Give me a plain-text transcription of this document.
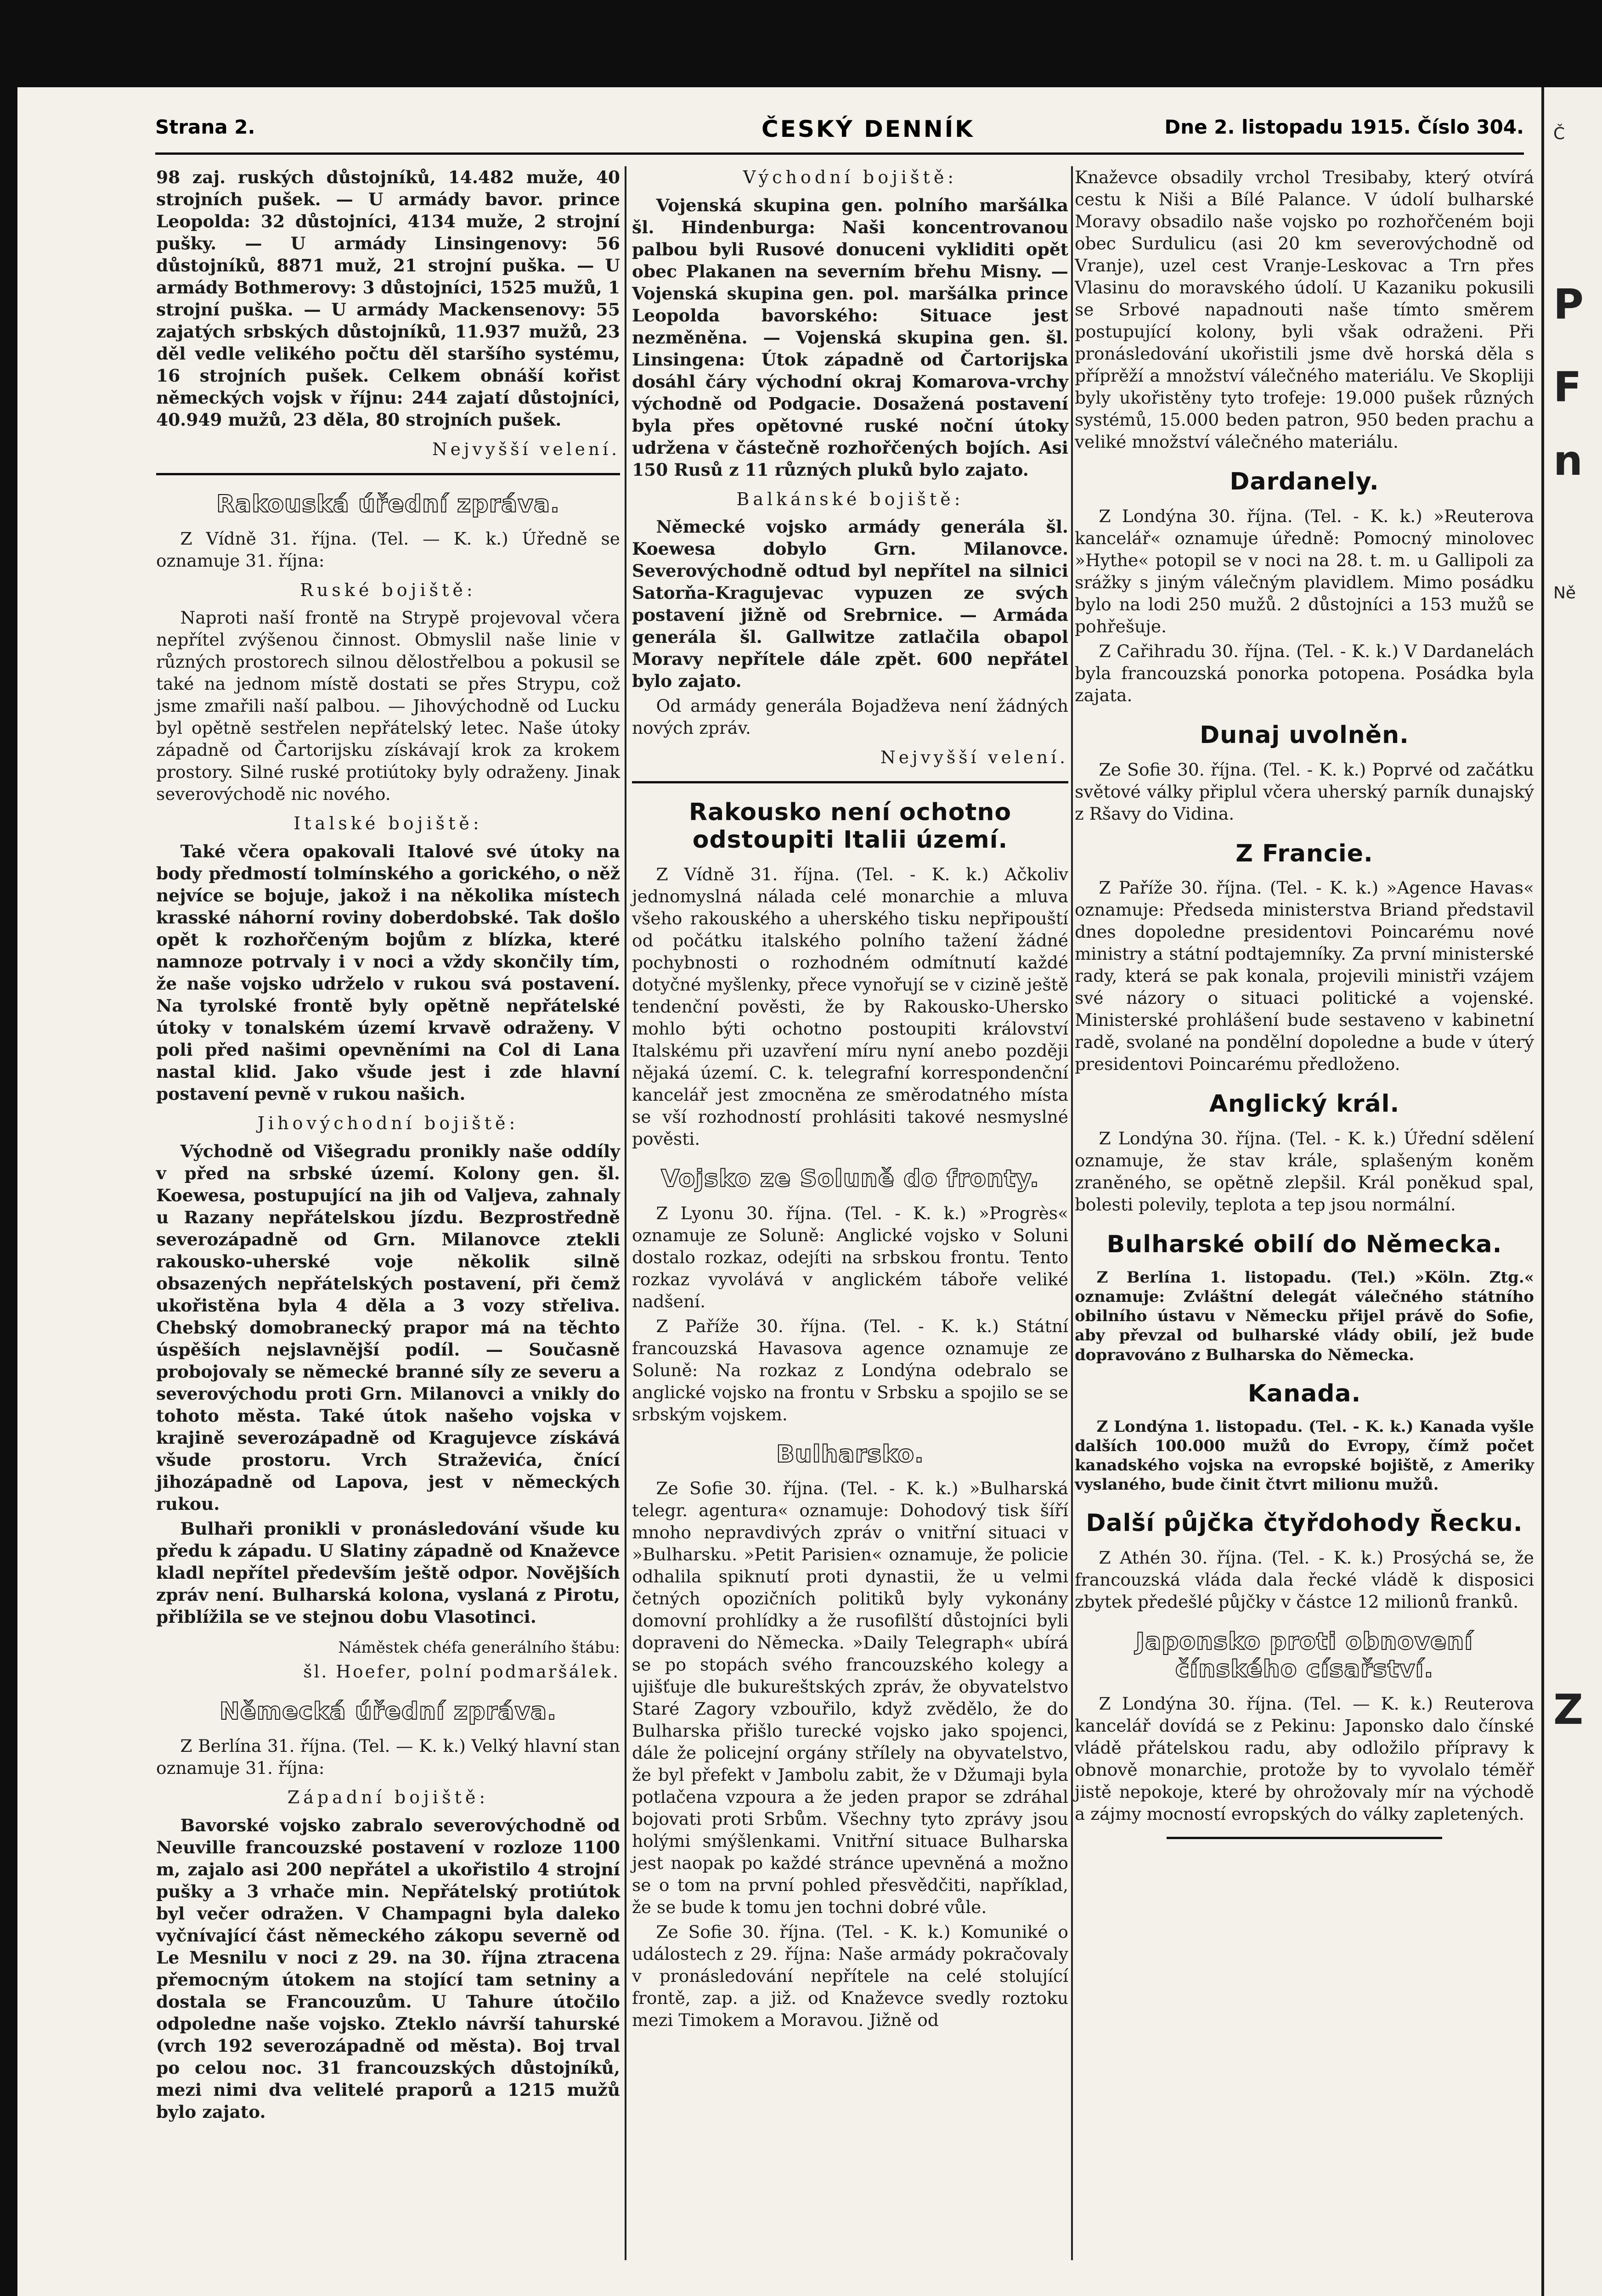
Strana 2.	ČESKÝ DENNÍK	Dne 2. listopadu 1915. Číslo 304.

98 zaj. ruských důstojníků, 14.482 muže, 40 strojních pušek. — U armády bavor. prince Leopolda: 32 důstojníci, 4134 muže, 2 strojní pušky. — U armády Linsingenovy: 56 důstojníků, 8871 muž, 21 strojní puška. — U armády Bothmerovy: 3 důstojníci, 1525 mužů, 1 strojní puška. — U armády Mackensenovy: 55 zajatých srbských důstojníků, 11.937 mužů, 23 děl vedle velikého počtu děl staršího systému, 16 strojních pušek. Celkem obnáší kořist německých vojsk v říjnu: 244 zajatí důstojníci, 40.949 mužů, 23 děla, 80 strojních pušek.

Nejvyšší velení.
Rakouská úřední zpráva.

Z Vídně 31. října. (Tel. — K. k.) Úředně se oznamuje 31. října:

Ruské bojiště:

Naproti naší frontě na Strypě projevoval včera nepřítel zvýšenou činnost. Obmyslil naše linie v různých prostorech silnou dělostřelbou a pokusil se také na jednom místě dostati se přes Strypu, což jsme zmařili naší palbou. — Jihovýchodně od Lucku byl opětně sestřelen nepřátelský letec. Naše útoky západně od Čartorijsku získávají krok za krokem prostory. Silné ruské protiútoky byly odraženy. Jinak severovýchodě nic nového.

Italské bojiště:

Také včera opakovali Italové své útoky na body předmostí tolmínského a gorického, o něž nejvíce se bojuje, jakož i na několika místech krasské náhorní roviny doberdobské. Tak došlo opět k rozhořčeným bojům z blízka, které namnoze potrvaly i v noci a vždy skončily tím, že naše vojsko udrželo v rukou svá postavení. Na tyrolské frontě byly opětně nepřátelské útoky v tonalském území krvavě odraženy. V poli před našimi opevněními na Col di Lana nastal klid. Jako všude jest i zde hlavní postavení pevně v rukou našich.

Jihovýchodní bojiště:

Východně od Višegradu pronikly naše oddíly v před na srbské území. Kolony gen. šl. Koewesa, postupující na jih od Valjeva, zahnaly u Razany nepřátelskou jízdu. Bezprostředně severozápadně od Grn. Milanovce ztekli rakousko-uherské voje několik silně obsazených nepřátelských postavení, při čemž ukořistěna byla 4 děla a 3 vozy střeliva. Chebský domobranecký prapor má na těchto úspěších nejslavnější podíl. — Současně probojovaly se německé branné síly ze severu a severovýchodu proti Grn. Milanovci a vnikly do tohoto města. Také útok našeho vojska v krajině severozápadně od Kragujevce získává všude prostoru. Vrch Straževića, čnící jihozápadně od Lapova, jest v německých rukou.

Bulhaři pronikli v pronásledování všude ku předu k západu. U Slatiny západně od Knaževce kladl nepřítel především ještě odpor. Novějších zpráv není. Bulharská kolona, vyslaná z Pirotu, přiblížila se ve stejnou dobu Vlasotinci.

Náměstek chéfa generálního štábu:
šl. Hoefer, polní podmaršálek.
Německá úřední zpráva.

Z Berlína 31. října. (Tel. — K. k.) Velký hlavní stan oznamuje 31. října:

Západní bojiště:

Bavorské vojsko zabralo severovýchodně od Neuville francouzské postavení v rozloze 1100 m, zajalo asi 200 nepřátel a ukořistilo 4 strojní pušky a 3 vrhače min. Nepřátelský protiútok byl večer odražen. V Champagni byla daleko vyčnívající část německého zákopu severně od Le Mesnilu v noci z 29. na 30. října ztracena přemocným útokem na stojící tam setniny a dostala se Francouzům. U Tahure útočilo odpoledne naše vojsko. Zteklo návrší tahurské (vrch 192 severozápadně od města). Boj trval po celou noc. 31 francouzských důstojníků, mezi nimi dva velitelé praporů a 1215 mužů bylo zajato.

Východní bojiště:

Vojenská skupina gen. polního maršálka šl. Hindenburga: Naši koncentrovanou palbou byli Rusové donuceni vykliditi opět obec Plakanen na severním břehu Misny. — Vojenská skupina gen. pol. maršálka prince Leopolda bavorského: Situace jest nezměněna. — Vojenská skupina gen. šl. Linsingena: Útok západně od Čartorijska dosáhl čáry východní okraj Komarova-vrchy východně od Podgacie. Dosažená postavení byla přes opětovné ruské noční útoky udržena v částečně rozhořčených bojích. Asi 150 Rusů z 11 různých pluků bylo zajato.

Balkánské bojiště:

Německé vojsko armády generála šl. Koewesa dobylo Grn. Milanovce. Severovýchodně odtud byl nepřítel na silnici Satorňa-Kragujevac vypuzen ze svých postavení jižně od Srebrnice. — Armáda generála šl. Gallwitze zatlačila obapol Moravy nepřítele dále zpět. 600 nepřátel bylo zajato.

Od armády generála Bojadževa není žádných nových zpráv.

Nejvyšší velení.
Rakousko není ochotno odstoupiti Italii území.

Z Vídně 31. října. (Tel. - K. k.) Ačkoliv jednomyslná nálada celé monarchie a mluva všeho rakouského a uherského tisku nepřipouští od počátku italského polního tažení žádné pochybnosti o rozhodném odmítnutí každé dotyčné myšlenky, přece vynořují se v cizině ještě tendenční pověsti, že by Rakousko-Uhersko mohlo býti ochotno postoupiti království Italskému při uzavření míru nyní anebo později nějaká území. C. k. telegrafní korrespondenční kancelář jest zmocněna ze směrodatného místa se vší rozhodností prohlásiti takové nesmyslné pověsti.

Vojsko ze Soluně do fronty.

Z Lyonu 30. října. (Tel. - K. k.) »Progrès« oznamuje ze Soluně: Anglické vojsko v Soluni dostalo rozkaz, odejíti na srbskou frontu. Tento rozkaz vyvolává v anglickém táboře veliké nadšení.

Z Paříže 30. října. (Tel. - K. k.) Státní francouzská Havasova agence oznamuje ze Soluně: Na rozkaz z Londýna odebralo se anglické vojsko na frontu v Srbsku a spojilo se se srbským vojskem.

Bulharsko.

Ze Sofie 30. října. (Tel. - K. k.) »Bulharská telegr. agentura« oznamuje: Dohodový tisk šíří mnoho nepravdivých zpráv o vnitřní situaci v »Bulharsku. »Petit Parisien« oznamuje, že policie odhalila spiknutí proti dynastii, že u velmi četných opozičních politiků byly vykonány domovní prohlídky a že rusofilští důstojníci byli dopraveni do Německa. »Daily Telegraph« ubírá se po stopách svého francouzského kolegy a ujišťuje dle bukureštských zpráv, že obyvatelstvo Staré Zagory vzbouřilo, když zvědělo, že do Bulharska přišlo turecké vojsko jako spojenci, dále že policejní orgány střílely na obyvatelstvo, že byl přefekt v Jambolu zabit, že v Džumaji byla potlačena vzpoura a že jeden prapor se zdráhal bojovati proti Srbům. Všechny tyto zprávy jsou holými smýšlenkami. Vnitřní situace Bulharska jest naopak po každé stránce upevněná a možno se o tom na první pohled přesvědčiti, například, že se bude k tomu jen tochni dobré vůle.

Ze Sofie 30. října. (Tel. - K. k.) Komuniké o událostech z 29. října: Naše armády pokračovaly v pronásledování nepřítele na celé stolující frontě, zap. a již. od Knaževce svedly roztoku mezi Timokem a Moravou. Jižně od

Knaževce obsadily vrchol Tresibaby, který otvírá cestu k Niši a Bílé Palance. V údolí bulharské Moravy obsadilo naše vojsko po rozhořčeném boji obec Surdulicu (asi 20 km severovýchodně od Vranje), uzel cest Vranje-Leskovac a Trn přes Vlasinu do moravského údolí. U Kazaniku pokusili se Srbové napadnouti naše tímto směrem postupující kolony, byli však odraženi. Při pronásledování ukořistili jsme dvě horská děla s příprěží a množství válečného materiálu. Ve Skopliji byly ukořistěny tyto trofeje: 19.000 pušek různých systémů, 15.000 beden patron, 950 beden prachu a veliké množství válečného materiálu.

Dardanely.

Z Londýna 30. října. (Tel. - K. k.) »Reuterova kancelář« oznamuje úředně: Pomocný minolovec »Hythe« potopil se v noci na 28. t. m. u Gallipoli za srážky s jiným válečným plavidlem. Mimo posádku bylo na lodi 250 mužů. 2 důstojníci a 153 mužů se pohřešuje.

Z Cařihradu 30. října. (Tel. - K. k.) V Dardanelách byla francouzská ponorka potopena. Posádka byla zajata.

Dunaj uvolněn.

Ze Sofie 30. října. (Tel. - K. k.) Poprvé od začátku světové války připlul včera uherský parník dunajský z Ršavy do Vidina.

Z Francie.

Z Paříže 30. října. (Tel. - K. k.) »Agence Havas« oznamuje: Předseda ministerstva Briand představil dnes dopoledne presidentovi Poincarému nové ministry a státní podtajemníky. Za první ministerské rady, která se pak konala, projevili ministři vzájem své názory o situaci politické a vojenské. Ministerské prohlášení bude sestaveno v kabinetní radě, svolané na pondělní dopoledne a bude v úterý presidentovi Poincarému předloženo.

Anglický král.

Z Londýna 30. října. (Tel. - K. k.) Úřední sdělení oznamuje, že stav krále, splašeným koněm zraněného, se opětně zlepšil. Král poněkud spal, bolesti polevily, teplota a tep jsou normální.

Bulharské obilí do Německa.

Z Berlína 1. listopadu. (Tel.) »Köln. Ztg.« oznamuje: Zvláštní delegát válečného státního obilního ústavu v Německu přijel právě do Sofie, aby převzal od bulharské vlády obilí, jež bude dopravováno z Bulharska do Německa.

Kanada.

Z Londýna 1. listopadu. (Tel. - K. k.) Kanada vyšle dalších 100.000 mužů do Evropy, čímž počet kanadského vojska na evropské bojiště, z Ameriky vyslaného, bude činit čtvrt milionu mužů.

Další půjčka čtyřdohody Řecku.

Z Athén 30. října. (Tel. - K. k.) Prosýchá se, že francouzská vláda dala řecké vládě k disposici zbytek předešlé půjčky v částce 12 milionů franků.

Japonsko proti obnovení čínského císařství.

Z Londýna 30. října. (Tel. — K. k.) Reuterova kancelář dovídá se z Pekinu: Japonsko dalo čínské vládě přátelskou radu, aby odložilo přípravy k obnově monarchie, protože by to vyvolalo téměř jistě nepokoje, které by ohrožovaly mír na východě a zájmy mocností evropských do války zapletených.

Č
P
F
n
Ně
Z
